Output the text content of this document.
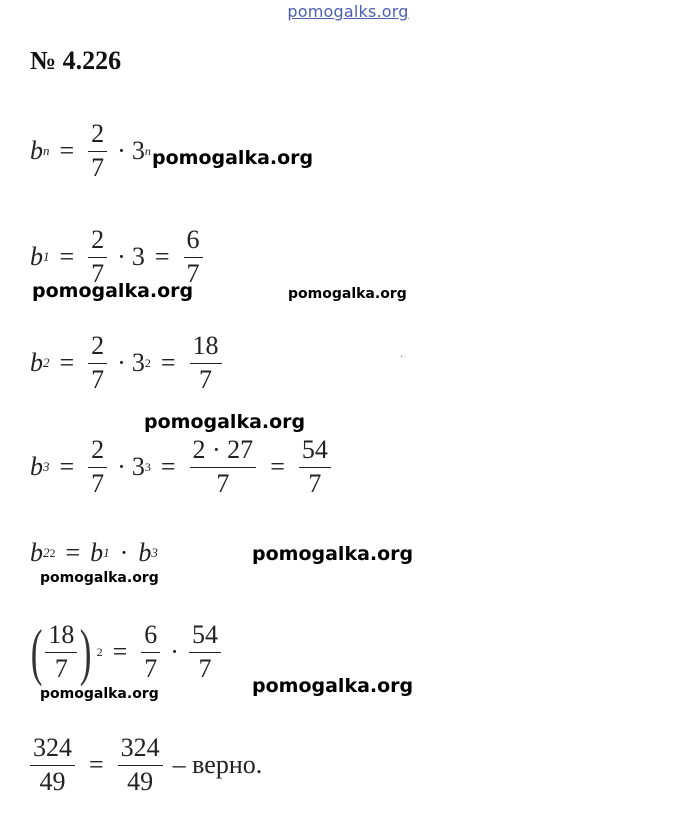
pomogalks.org
№ 4.226
b $n = \frac{2}{7} \cdot 3$ n pomogalka.org
b $1 = \frac{2}{7} \cdot 3 = \frac{6}{7}$
pomogalka.org	pomogalka.org
b $2 = \frac{2}{7} \cdot 3$ $2 = \frac{18}{7}$	·
pomogalka.org
b $3 = \frac{2}{7} \cdot 3$ $3 = \frac{2 \cdot 27}{7} = \frac{54}{7}$
b 2 2 = b 1 · b 3	pomogalka.org
pomogalka.org
( $\frac{18}{7}$ ) $2 = \frac{6}{7} \cdot \frac{54}{7}$
pomogalka.org
pomogalka.org
$\frac{324}{49} = \frac{324}{49}$ – верно.
